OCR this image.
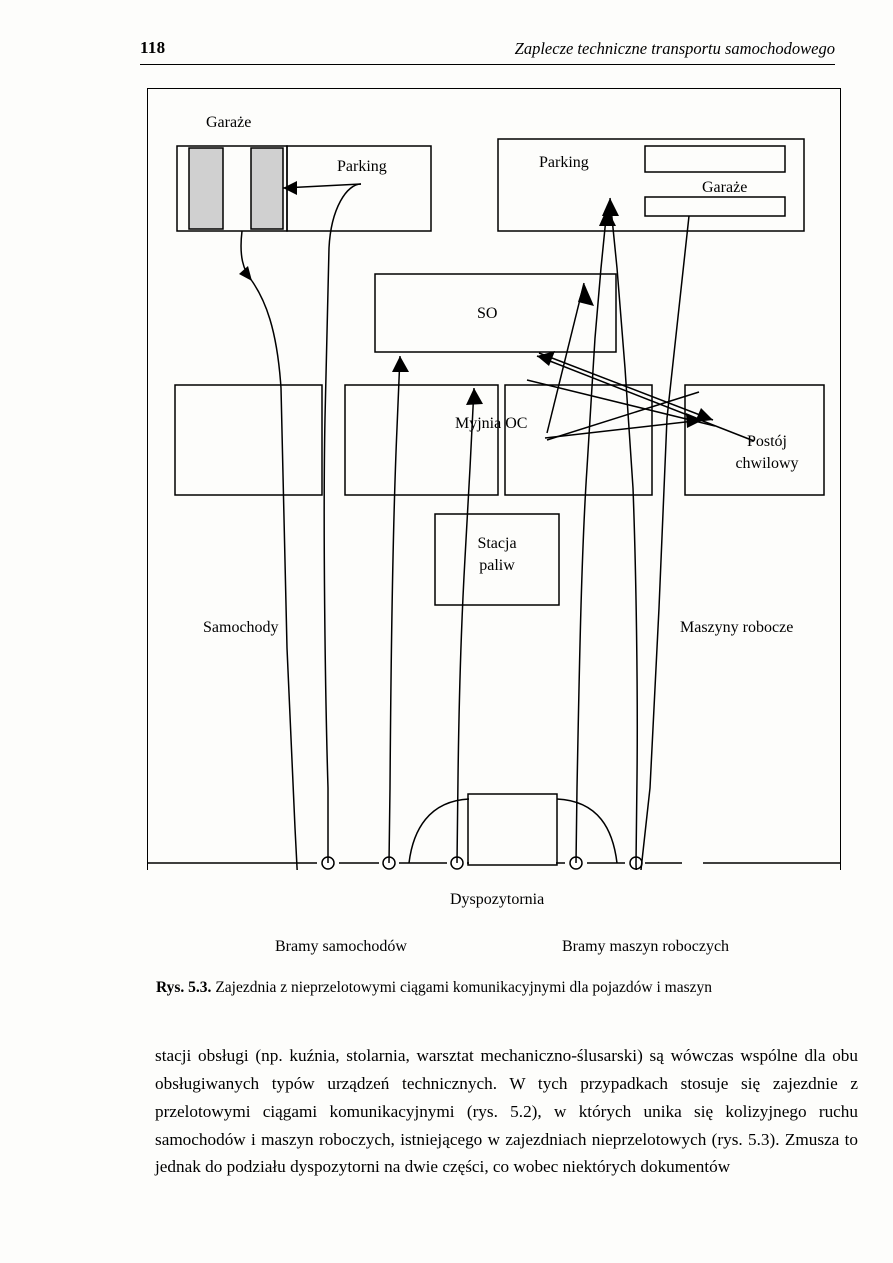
118	Zaplecze techniczne transportu samochodowego
Garaże
Parking	Parking
Garaże
SO
Myjnia OC
Postój
chwilowy
Stacja
paliw
Samochody	Maszyny robocze
Dyspozytornia
Bramy samochodów	Bramy maszyn roboczych
Rys. 5.3. Zajezdnia z nieprzelotowymi ciągami komunikacyjnymi dla pojazdów i maszyn

stacji obsługi (np. kuźnia, stolarnia, warsztat mechaniczno-ślusarski) są wówczas wspólne dla obu obsługiwanych typów urządzeń technicznych. W tych przypadkach stosuje się zajezdnie z przelotowymi ciągami komunikacyjnymi (rys. 5.2), w których unika się kolizyjnego ruchu samochodów i maszyn roboczych, istniejącego w zajezdniach nieprzelotowych (rys. 5.3). Zmusza to jednak do podziału dyspozytorni na dwie części, co wobec niektórych dokumentów
